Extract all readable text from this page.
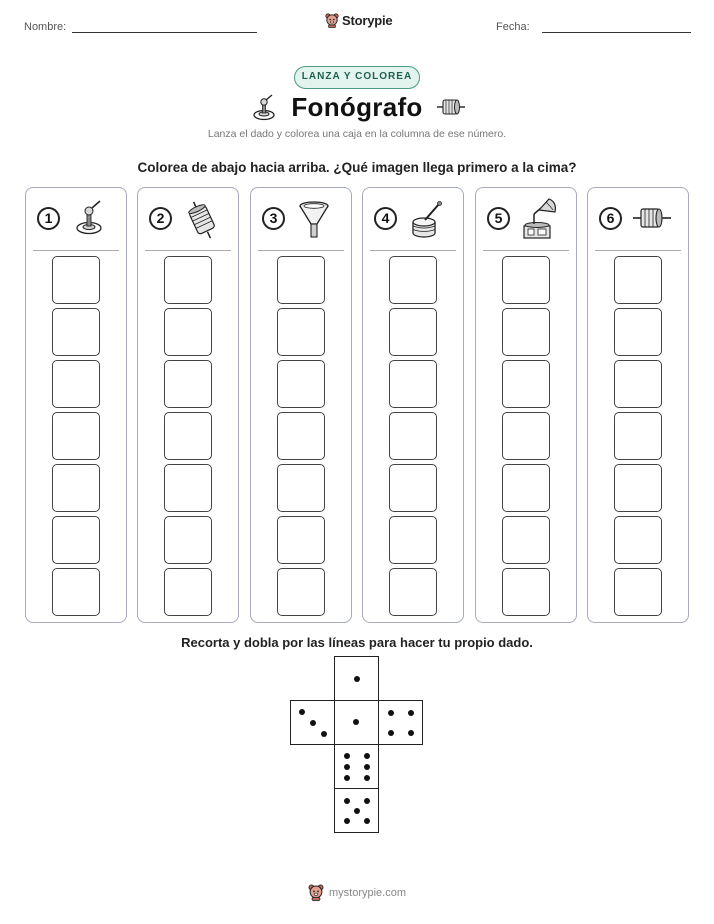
Nombre:	Storypie	Fecha:
LANZA Y COLOREA
Fonógrafo
Lanza el dado y colorea una caja en la columna de ese número.
Colorea de abajo hacia arriba. ¿Qué imagen llega primero a la cima?
1	2	3	4	5	6
Recorta y dobla por las líneas para hacer tu propio dado.
mystorypie.com
